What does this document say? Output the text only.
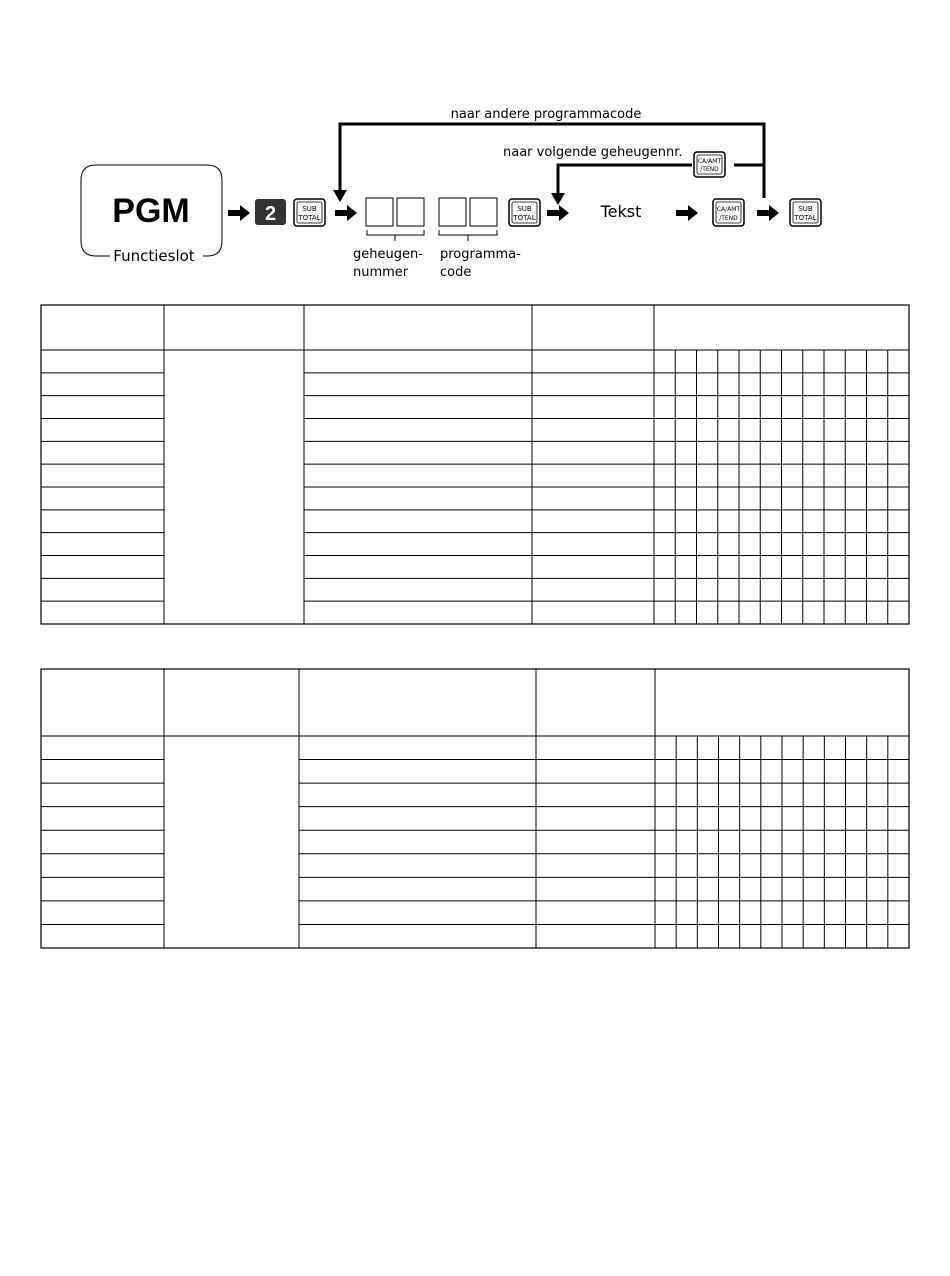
naar andere programmacode
naar volgende geheugennr.
CA/AMT
/TEND
PGM
Functieslot
2	SUB
TOTAL
geheugen-
nummer
programma-
code
SUB
TOTAL	Tekst	CA/AMT
/TEND
SUB
TOTAL
